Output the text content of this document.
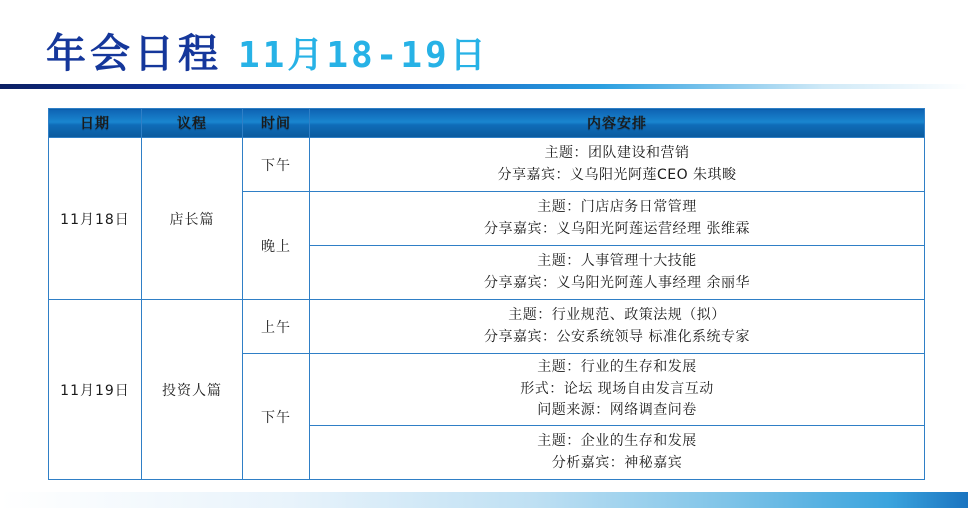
年会日程 11月18-19日
日期	议程	时间	内容安排
11月18日	店长篇	下午	主题：团队建设和营销
分享嘉宾：义乌阳光阿莲CEO 朱琪畯

		晚上	主题：门店店务日常管理
分享嘉宾：义乌阳光阿莲运营经理 张维霖

			主题：人事管理十大技能
分享嘉宾：义乌阳光阿莲人事经理 余丽华

11月19日	投资人篇	上午	主题：行业规范、政策法规（拟）
分享嘉宾：公安系统领导 标准化系统专家

		下午	主题：行业的生存和发展
形式：论坛 现场自由发言互动
问题来源：网络调查问卷

			主题：企业的生存和发展
分析嘉宾：神秘嘉宾
